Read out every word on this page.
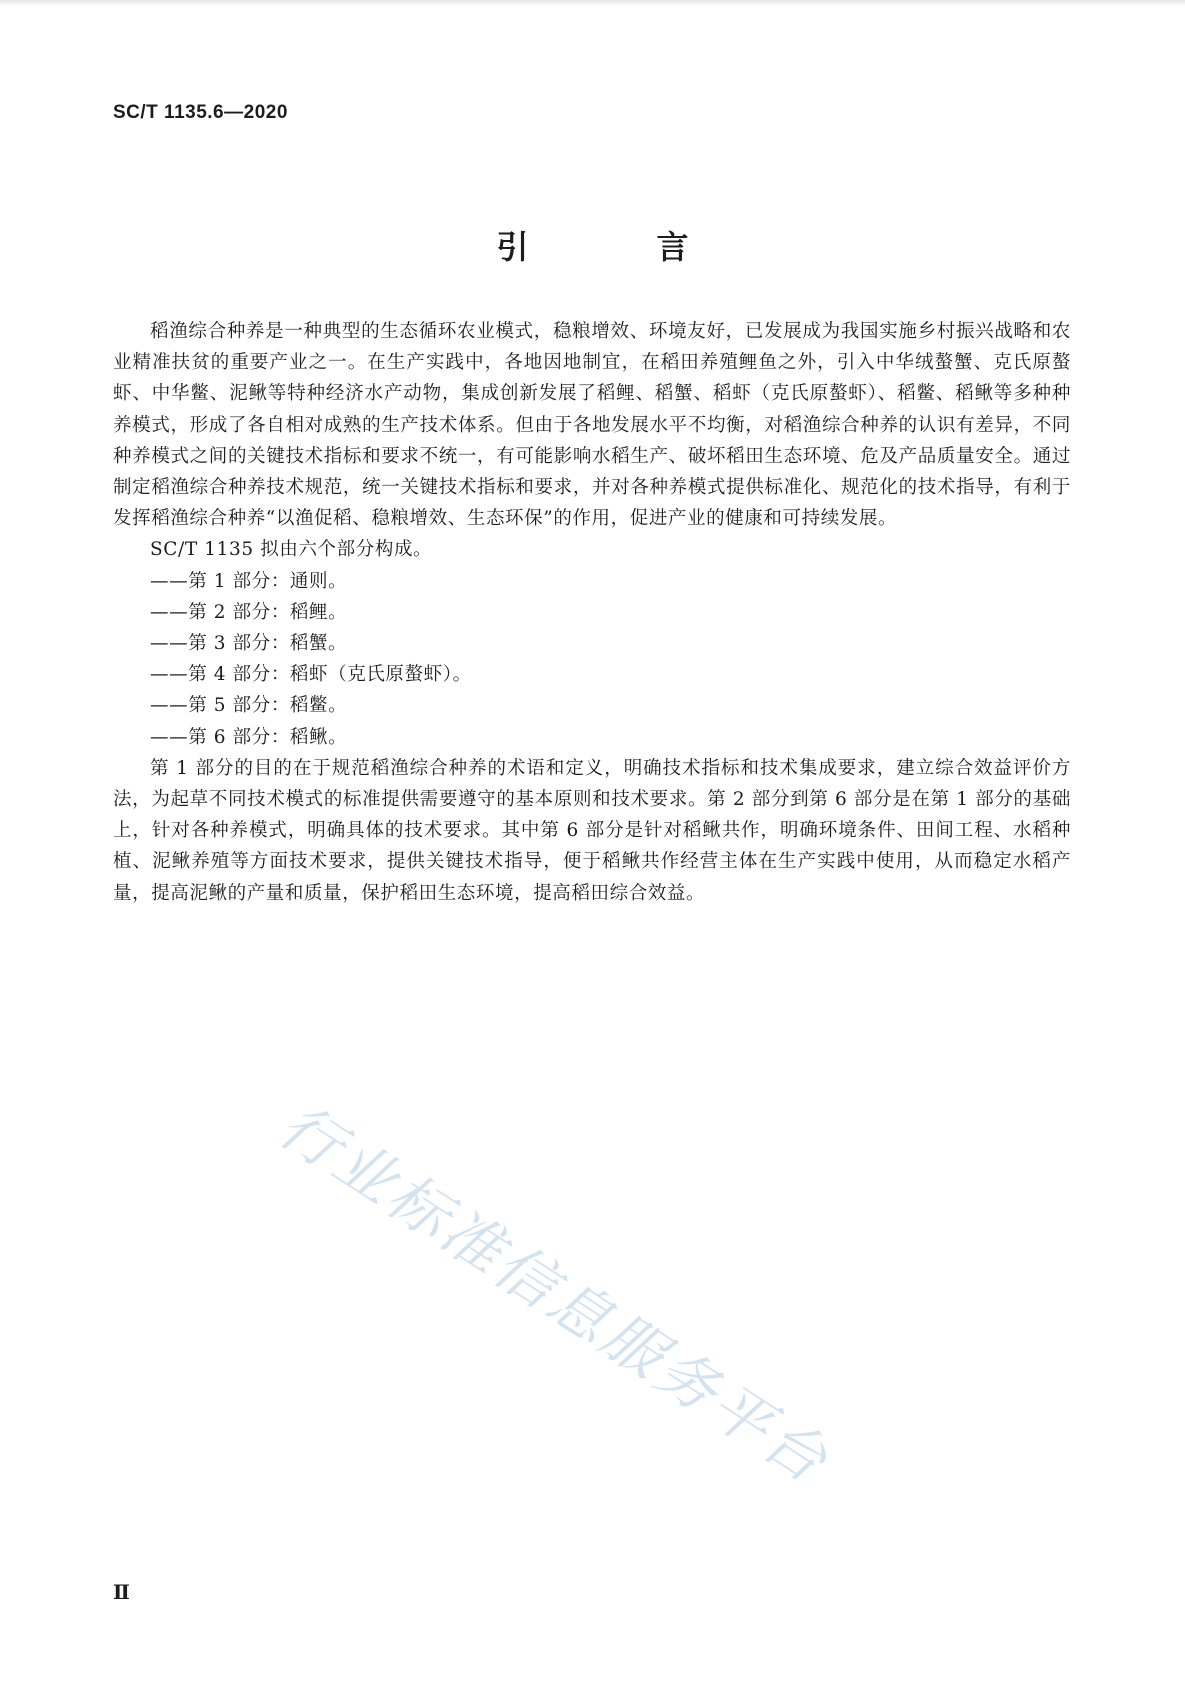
SC/T 1135.6—2020
引　言

稻渔综合种养是一种典型的生态循环农业模式，稳粮增效、环境友好，已发展成为我国实施乡村振兴战略和农业精准扶贫的重要产业之一。在生产实践中，各地因地制宜，在稻田养殖鲤鱼之外，引入中华绒螯蟹、克氏原螯虾、中华鳖、泥鳅等特种经济水产动物，集成创新发展了稻鲤、稻蟹、稻虾（克氏原螯虾）、稻鳖、稻鳅等多种种养模式，形成了各自相对成熟的生产技术体系。但由于各地发展水平不均衡，对稻渔综合种养的认识有差异，不同种养模式之间的关键技术指标和要求不统一，有可能影响水稻生产、破坏稻田生态环境、危及产品质量安全。通过制定稻渔综合种养技术规范，统一关键技术指标和要求，并对各种养模式提供标准化、规范化的技术指导，有利于发挥稻渔综合种养“以渔促稻、稳粮增效、生态环保”的作用，促进产业的健康和可持续发展。

SC/T 1135 拟由六个部分构成。

——第 1 部分：通则。
——第 2 部分：稻鲤。
——第 3 部分：稻蟹。
——第 4 部分：稻虾（克氏原螯虾）。
——第 5 部分：稻鳖。
——第 6 部分：稻鳅。

第 1 部分的目的在于规范稻渔综合种养的术语和定义，明确技术指标和技术集成要求，建立综合效益评价方法，为起草不同技术模式的标准提供需要遵守的基本原则和技术要求。第 2 部分到第 6 部分是在第 1 部分的基础上，针对各种养模式，明确具体的技术要求。其中第 6 部分是针对稻鳅共作，明确环境条件、田间工程、水稻种植、泥鳅养殖等方面技术要求，提供关键技术指导，便于稻鳅共作经营主体在生产实践中使用，从而稳定水稻产量，提高泥鳅的产量和质量，保护稻田生态环境，提高稻田综合效益。

行业标准信息服务平台
Ⅱ
